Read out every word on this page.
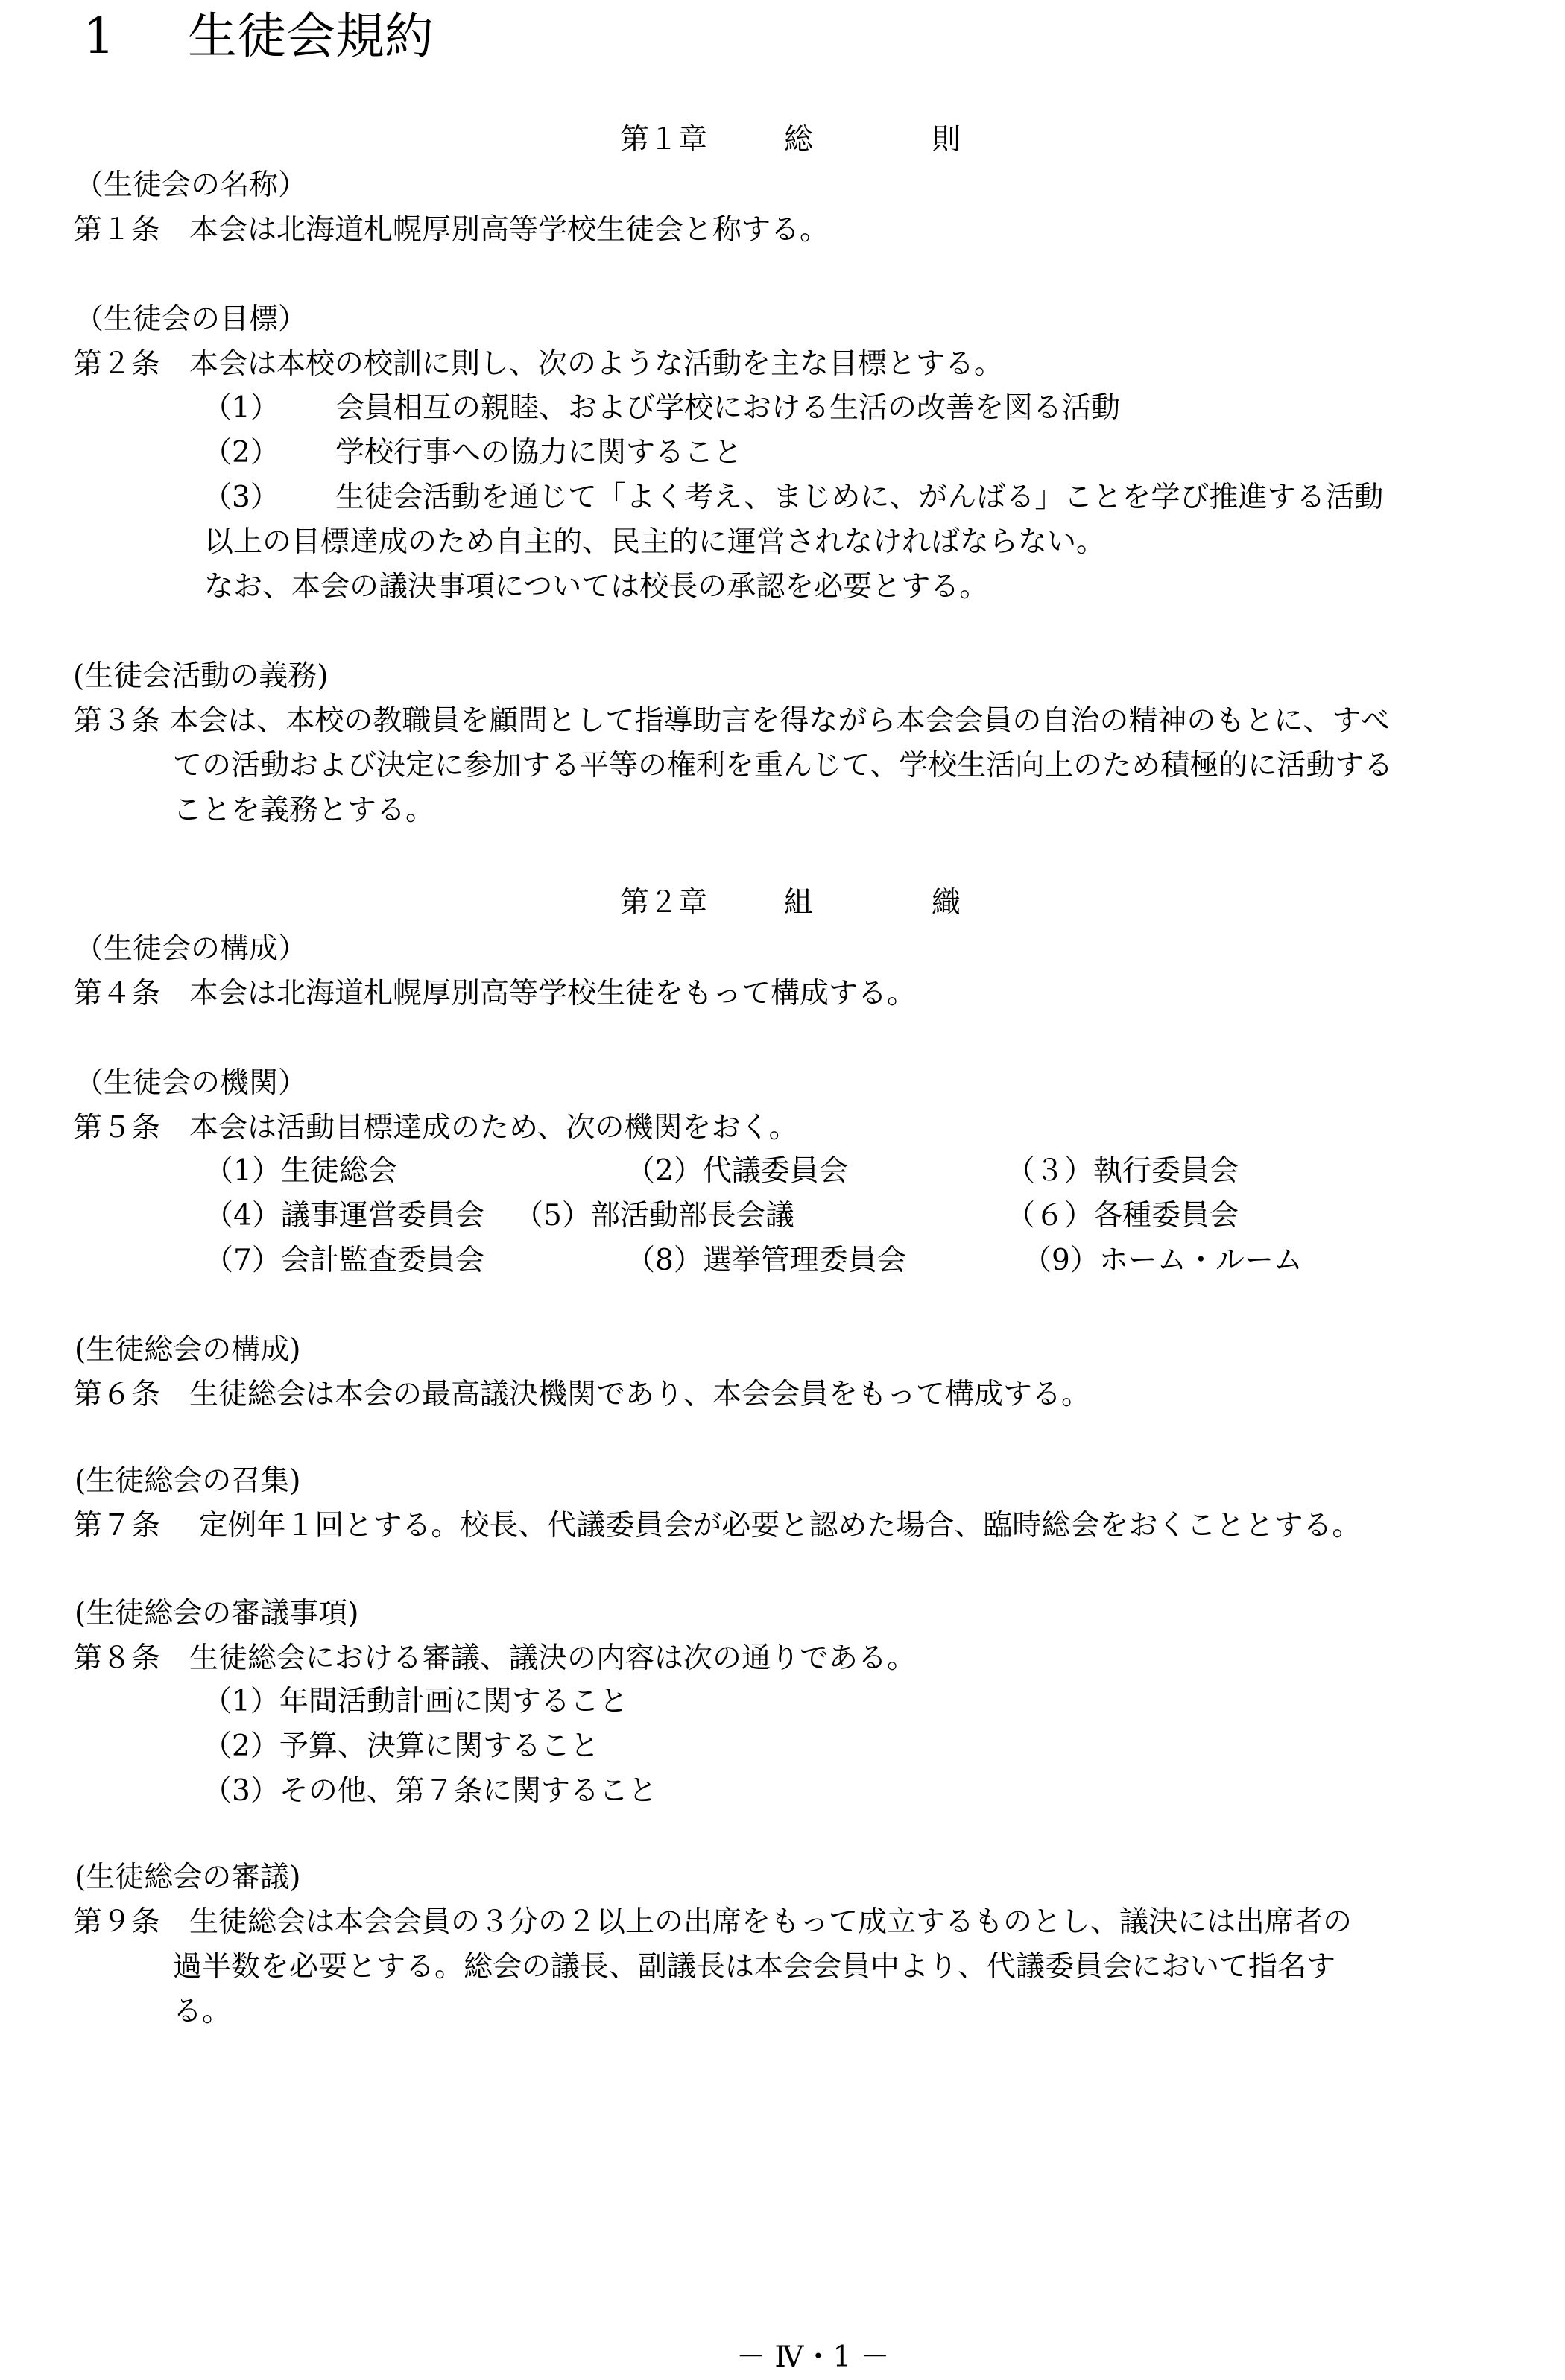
1 生徒会規約
第１章	総	則
（生徒会の名称）
第１条　本会は北海道札幌厚別高等学校生徒会と称する。
（生徒会の目標）
第２条　本会は本校の校訓に則し、次のような活動を主な目標とする。
（1） 会員相互の親睦、および学校における生活の改善を図る活動
（2） 学校行事への協力に関すること
（3） 生徒会活動を通じて「よく考え、まじめに、がんばる」ことを学び推進する活動
以上の目標達成のため自主的、民主的に運営されなければならない。
なお、本会の議決事項については校長の承認を必要とする。
(生徒会活動の義務)
第３条 本会は、本校の教職員を顧問として指導助言を得ながら本会会員の自治の精神のもとに、すべ
ての活動および決定に参加する平等の権利を重んじて、学校生活向上のため積極的に活動する
ことを義務とする。
第２章	組	織
（生徒会の構成）
第４条　本会は北海道札幌厚別高等学校生徒をもって構成する。
（生徒会の機関）
第５条　本会は活動目標達成のため、次の機関をおく。
（1）生徒総会	（2）代議委員会	（３）執行委員会
（4）議事運営委員会 （5）部活動部長会議	（６）各種委員会
（7）会計監査委員会	（8）選挙管理委員会	（9）ホーム・ルーム
(生徒総会の構成)
第６条　生徒総会は本会の最高議決機関であり、本会会員をもって構成する。
(生徒総会の召集)
第７条　 定例年１回とする。校長、代議委員会が必要と認めた場合、臨時総会をおくこととする。
(生徒総会の審議事項)
第８条　生徒総会における審議、議決の内容は次の通りである。
（1）年間活動計画に関すること
（2）予算、決算に関すること
（3）その他、第７条に関すること
(生徒総会の審議)
第９条　生徒総会は本会会員の３分の２以上の出席をもって成立するものとし、議決には出席者の
過半数を必要とする。総会の議長、副議長は本会会員中より、代議委員会において指名す
る。
－ Ⅳ・1 －
